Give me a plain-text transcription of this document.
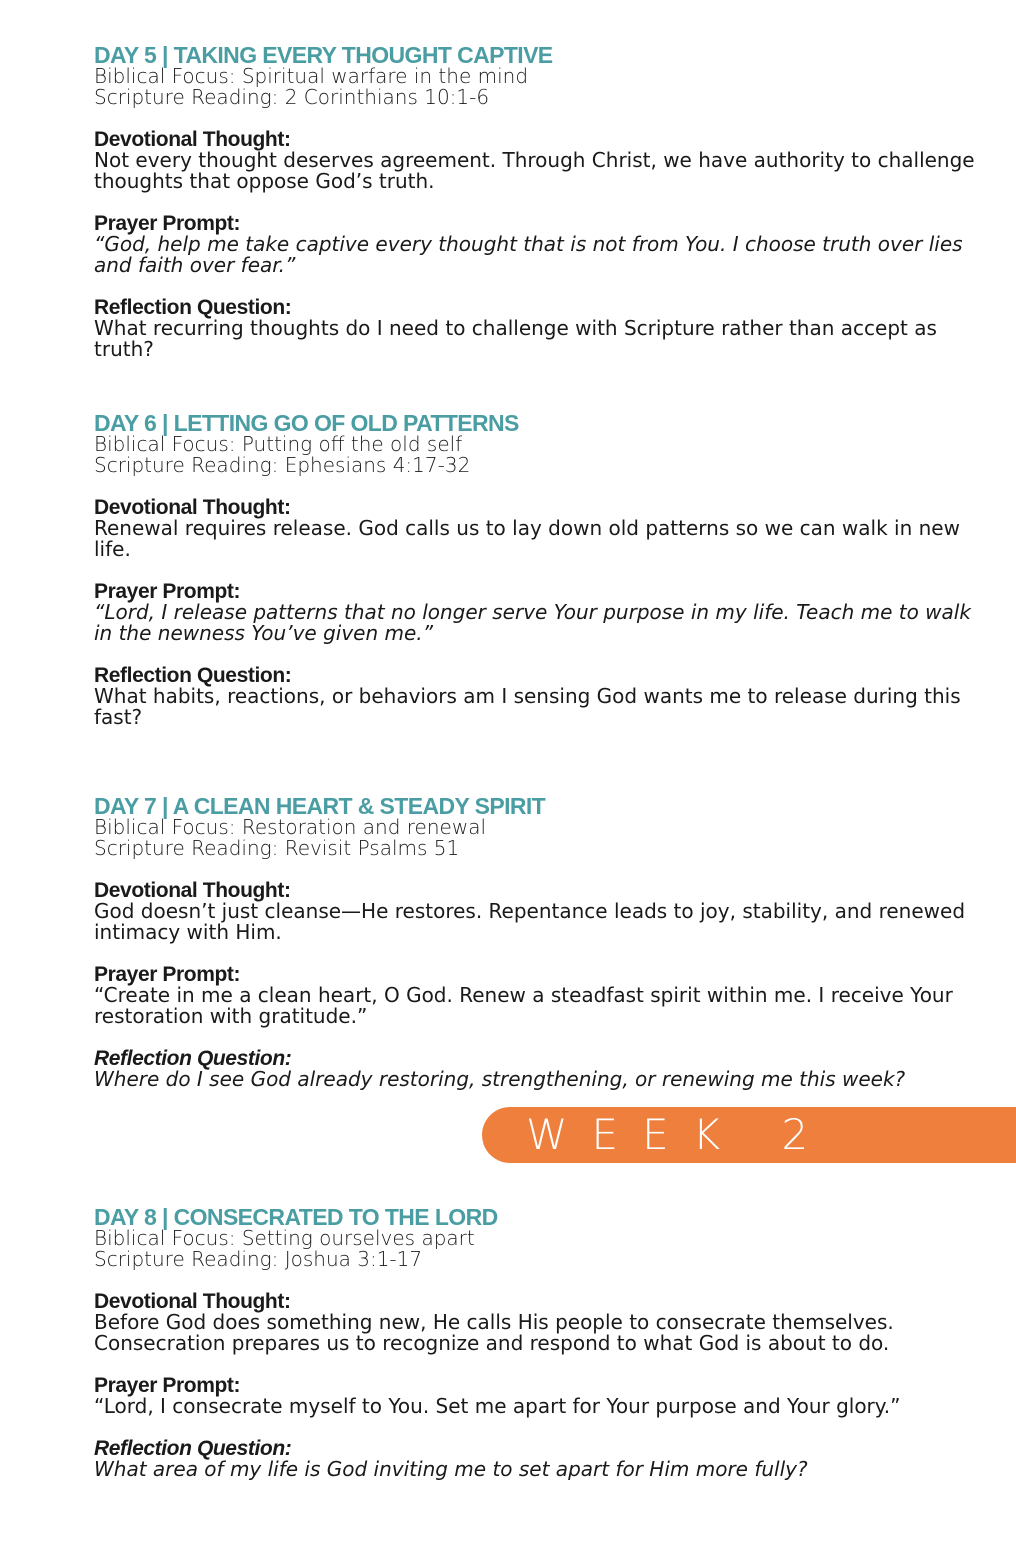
DAY 5 | TAKING EVERY THOUGHT CAPTIVE

Biblical Focus: Spiritual warfare in the mind

Scripture Reading: 2 Corinthians 10:1-6

Devotional Thought:

Not every thought deserves agreement. Through Christ, we have authority to challenge thoughts that oppose God’s truth.

Prayer Prompt:

“God, help me take captive every thought that is not from You. I choose truth over lies and faith over fear.”

Reflection Question:

What recurring thoughts do I need to challenge with Scripture rather than accept as truth?

DAY 6 | LETTING GO OF OLD PATTERNS

Biblical Focus: Putting off the old self

Scripture Reading: Ephesians 4:17-32

Devotional Thought:

Renewal requires release. God calls us to lay down old patterns so we can walk in new life.

Prayer Prompt:

“Lord, I release patterns that no longer serve Your purpose in my life. Teach me to walk in the newness You’ve given me.”

Reflection Question:

What habits, reactions, or behaviors am I sensing God wants me to release during this fast?

DAY 7 | A CLEAN HEART & STEADY SPIRIT

Biblical Focus: Restoration and renewal

Scripture Reading: Revisit Psalms 51

Devotional Thought:

God doesn’t just cleanse—He restores. Repentance leads to joy, stability, and renewed intimacy with Him.

Prayer Prompt:

“Create in me a clean heart, O God. Renew a steadfast spirit within me. I receive Your restoration with gratitude.”

Reflection Question:

Where do I see God already restoring, strengthening, or renewing me this week?

WEEK 2
DAY 8 | CONSECRATED TO THE LORD

Biblical Focus: Setting ourselves apart

Scripture Reading: Joshua 3:1-17

Devotional Thought:

Before God does something new, He calls His people to consecrate themselves. Consecration prepares us to recognize and respond to what God is about to do.

Prayer Prompt:

“Lord, I consecrate myself to You. Set me apart for Your purpose and Your glory.”

Reflection Question:

What area of my life is God inviting me to set apart for Him more fully?
